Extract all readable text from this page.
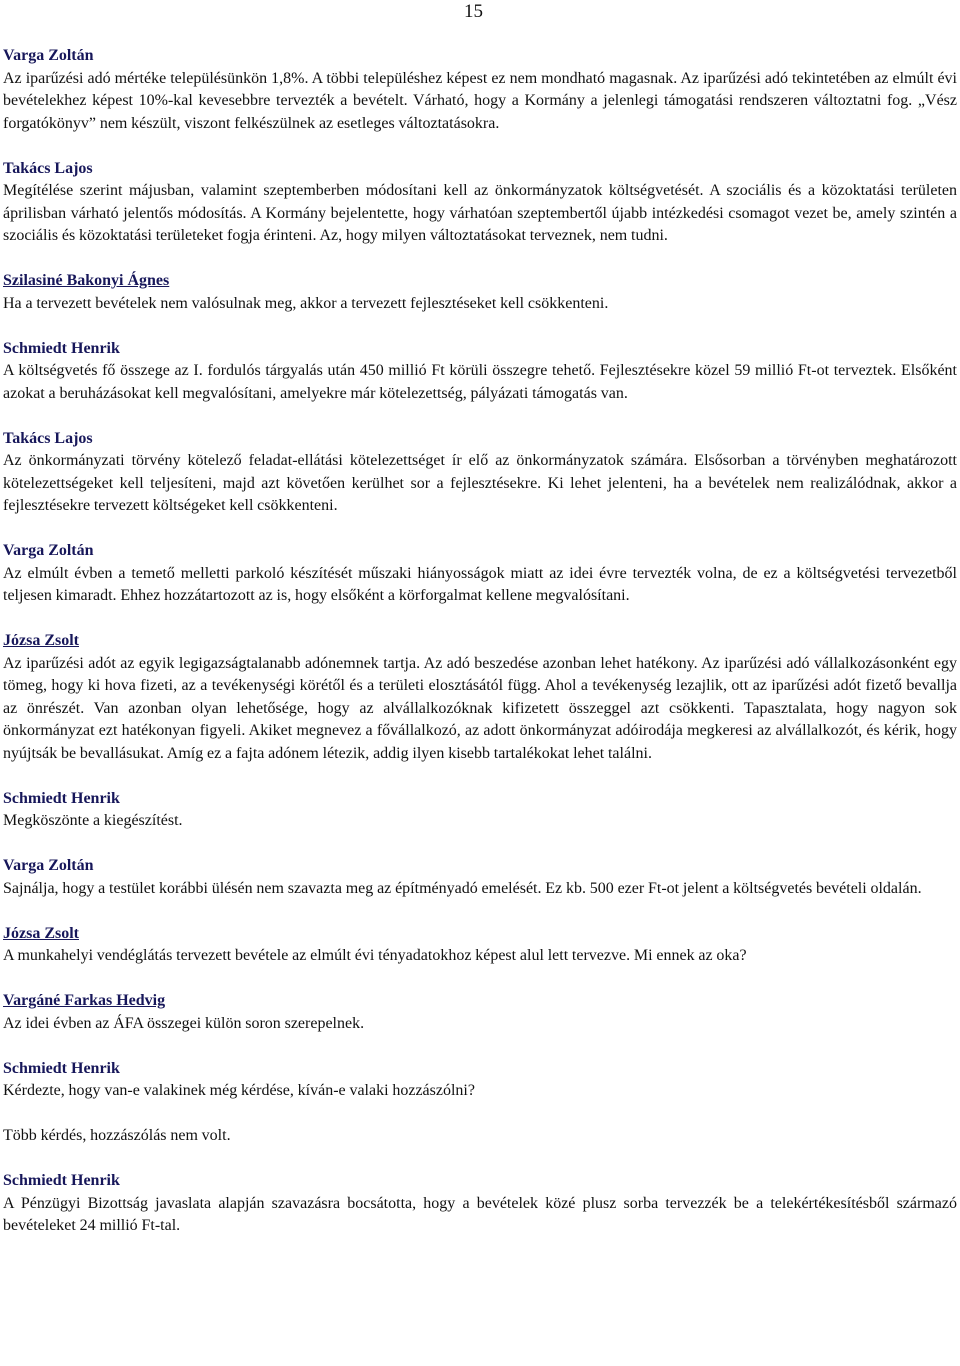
15
Varga Zoltán

Az iparűzési adó mértéke településünkön 1,8%. A többi településhez képest ez nem mondható magasnak. Az iparűzési adó tekintetében az elmúlt évi bevételekhez képest 10%-kal kevesebbre tervezték a bevételt. Várható, hogy a Kormány a jelenlegi támogatási rendszeren változtatni fog. „Vész forgatókönyv” nem készült, viszont felkészülnek az esetleges változtatásokra.

Takács Lajos

Megítélése szerint májusban, valamint szeptemberben módosítani kell az önkormányzatok költségvetését. A szociális és a közoktatási területen áprilisban várható jelentős módosítás. A Kormány bejelentette, hogy várhatóan szeptembertől újabb intézkedési csomagot vezet be, amely szintén a szociális és közoktatási területeket fogja érinteni. Az, hogy milyen változtatásokat terveznek, nem tudni.

Szilasiné Bakonyi Ágnes

Ha a tervezett bevételek nem valósulnak meg, akkor a tervezett fejlesztéseket kell csökkenteni.

Schmiedt Henrik

A költségvetés fő összege az I. fordulós tárgyalás után 450 millió Ft körüli összegre tehető. Fejlesztésekre közel 59 millió Ft-ot terveztek. Elsőként azokat a beruházásokat kell megvalósítani, amelyekre már kötelezettség, pályázati támogatás van.

Takács Lajos

Az önkormányzati törvény kötelező feladat-ellátási kötelezettséget ír elő az önkormányzatok számára. Elsősorban a törvényben meghatározott kötelezettségeket kell teljesíteni, majd azt követően kerülhet sor a fejlesztésekre. Ki lehet jelenteni, ha a bevételek nem realizálódnak, akkor a fejlesztésekre tervezett költségeket kell csökkenteni.

Varga Zoltán

Az elmúlt évben a temető melletti parkoló készítését műszaki hiányosságok miatt az idei évre tervezték volna, de ez a költségvetési tervezetből teljesen kimaradt. Ehhez hozzátartozott az is, hogy elsőként a körforgalmat kellene megvalósítani.

Józsa Zsolt

Az iparűzési adót az egyik legigazságtalanabb adónemnek tartja. Az adó beszedése azonban lehet hatékony. Az iparűzési adó vállalkozásonként egy tömeg, hogy ki hova fizeti, az a tevékenységi körétől és a területi elosztásától függ. Ahol a tevékenység lezajlik, ott az iparűzési adót fizető bevallja az önrészét. Van azonban olyan lehetősége, hogy az alvállalkozóknak kifizetett összeggel azt csökkenti. Tapasztalata, hogy nagyon sok önkormányzat ezt hatékonyan figyeli. Akiket megnevez a fővállalkozó, az adott önkormányzat adóirodája megkeresi az alvállalkozót, és kérik, hogy nyújtsák be bevallásukat. Amíg ez a fajta adónem létezik, addig ilyen kisebb tartalékokat lehet találni.

Schmiedt Henrik

Megköszönte a kiegészítést.

Varga Zoltán

Sajnálja, hogy a testület korábbi ülésén nem szavazta meg az építményadó emelését. Ez kb. 500 ezer Ft-ot jelent a költségvetés bevételi oldalán.

Józsa Zsolt

A munkahelyi vendéglátás tervezett bevétele az elmúlt évi tényadatokhoz képest alul lett tervezve. Mi ennek az oka?

Vargáné Farkas Hedvig

Az idei évben az ÁFA összegei külön soron szerepelnek.

Schmiedt Henrik

Kérdezte, hogy van-e valakinek még kérdése, kíván-e valaki hozzászólni?

Több kérdés, hozzászólás nem volt.

Schmiedt Henrik

A Pénzügyi Bizottság javaslata alapján szavazásra bocsátotta, hogy a bevételek közé plusz sorba tervezzék be a telekértékesítésből származó bevételeket 24 millió Ft-tal.
